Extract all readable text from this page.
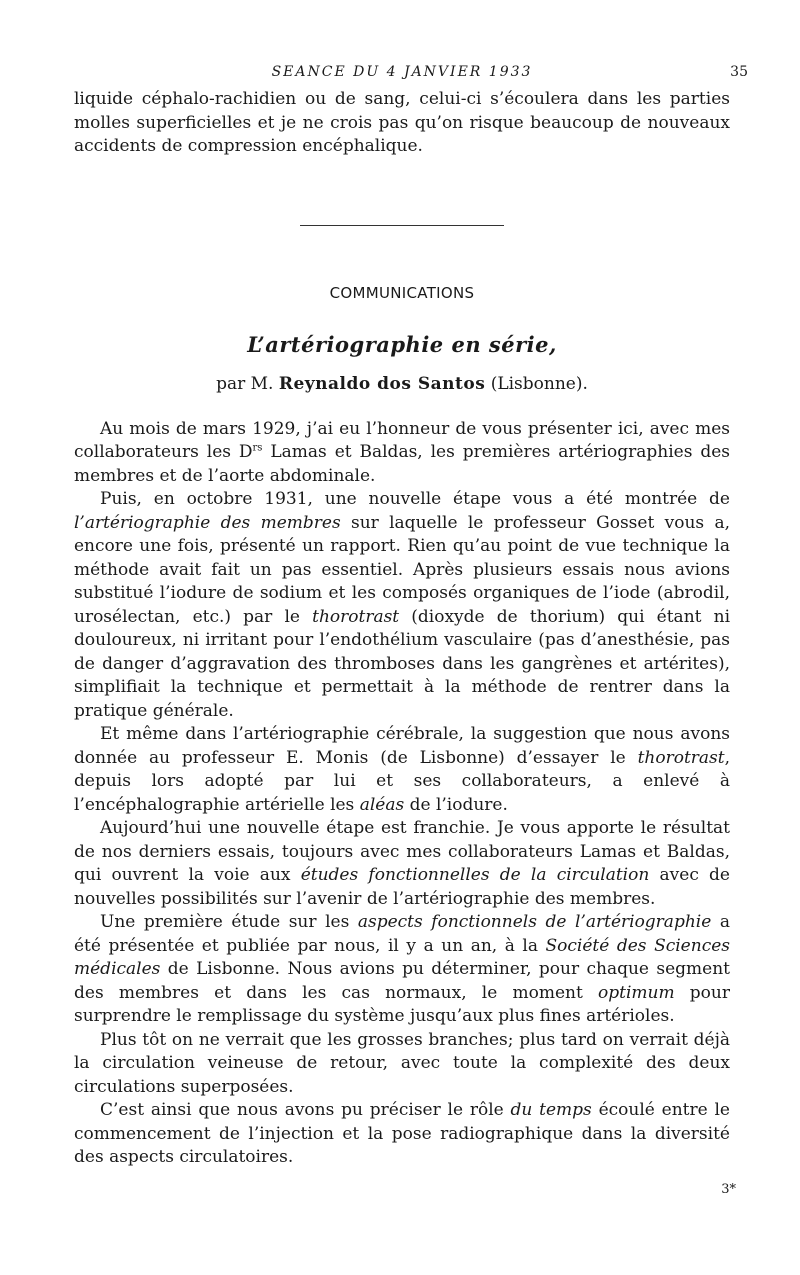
SEANCE DU 4 JANVIER 1933	35

liquide céphalo-rachidien ou de sang, celui-ci s’écoulera dans les parties molles superficielles et je ne crois pas qu’on risque beaucoup de nouveaux accidents de compression encéphalique.

COMMUNICATIONS
L’artériographie en série,
par M. Reynaldo dos Santos (Lisbonne).

Au mois de mars 1929, j’ai eu l’honneur de vous présenter ici, avec mes collaborateurs les $D^{rs}$ Lamas et Baldas, les premières artériographies des membres et de l’aorte abdominale.

Puis, en octobre 1931, une nouvelle étape vous a été montrée de l’artériographie des membres sur laquelle le professeur Gosset vous a, encore une fois, présenté un rapport. Rien qu’au point de vue technique la méthode avait fait un pas essentiel. Après plusieurs essais nous avions substitué l’iodure de sodium et les composés organiques de l’iode (abrodil, urosélectan, etc.) par le thorotrast (dioxyde de thorium) qui étant ni douloureux, ni irritant pour l’endothélium vasculaire (pas d’anesthésie, pas de danger d’aggravation des thromboses dans les gangrènes et artérites), simplifiait la technique et permettait à la méthode de rentrer dans la pratique générale.

Et même dans l’artériographie cérébrale, la suggestion que nous avons donnée au professeur E. Monis (de Lisbonne) d’essayer le thorotrast, depuis lors adopté par lui et ses collaborateurs, a enlevé à l’encéphalographie artérielle les aléas de l’iodure.

Aujourd’hui une nouvelle étape est franchie. Je vous apporte le résultat de nos derniers essais, toujours avec mes collaborateurs Lamas et Baldas, qui ouvrent la voie aux études fonctionnelles de la circulation avec de nouvelles possibilités sur l’avenir de l’artériographie des membres.

Une première étude sur les aspects fonctionnels de l’artériographie a été présentée et publiée par nous, il y a un an, à la Société des Sciences médicales de Lisbonne. Nous avions pu déterminer, pour chaque segment des membres et dans les cas normaux, le moment optimum pour surprendre le remplissage du système jusqu’aux plus fines artérioles.

Plus tôt on ne verrait que les grosses branches; plus tard on verrait déjà la circulation veineuse de retour, avec toute la complexité des deux circulations superposées.

C’est ainsi que nous avons pu préciser le rôle du temps écoulé entre le commencement de l’injection et la pose radiographique dans la diversité des aspects circulatoires.

3*
